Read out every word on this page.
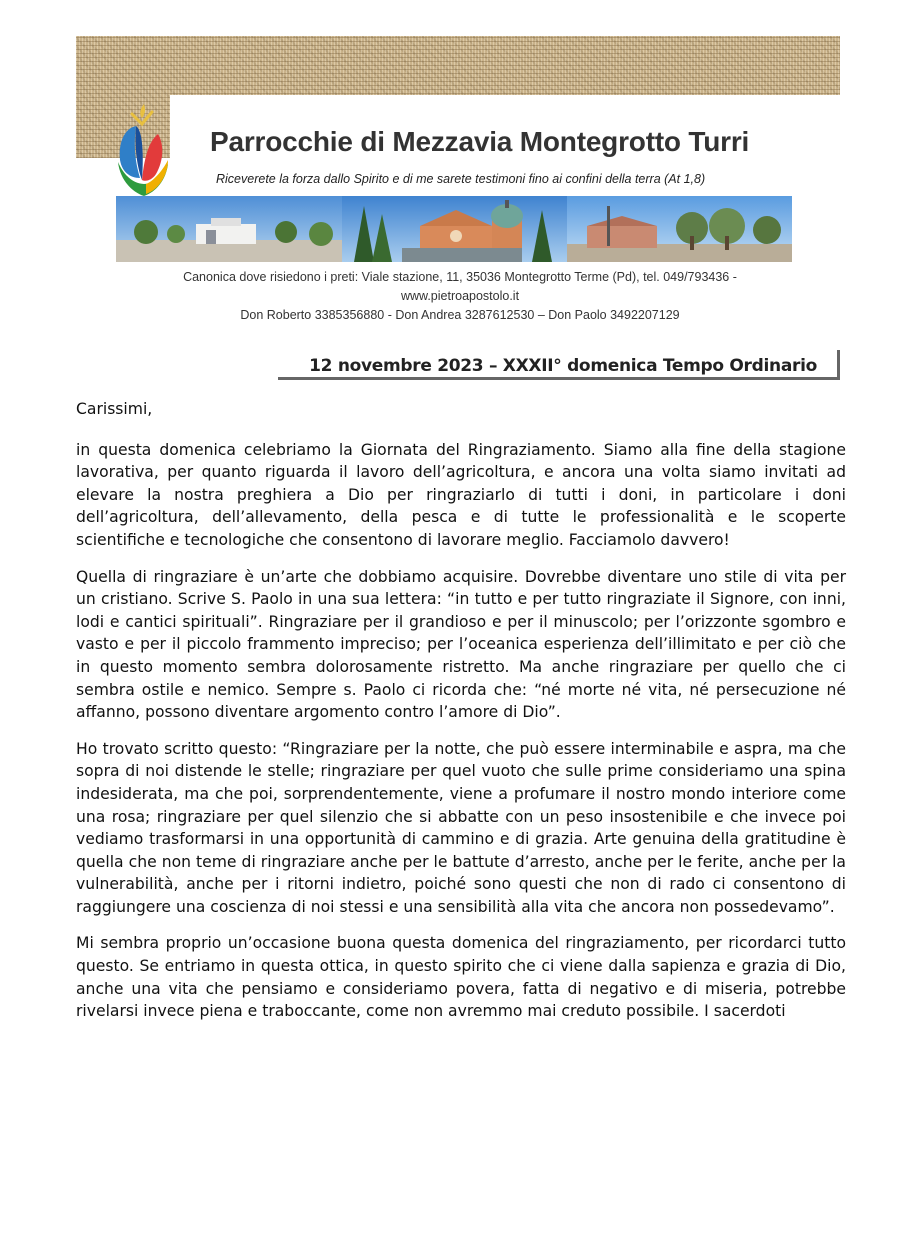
Parrocchie di Mezzavia Montegrotto Turri
Riceverete la forza dallo Spirito e di me sarete testimoni fino ai confini della terra (At 1,8)
Canonica dove risiedono i preti: Viale stazione, 11, 35036 Montegrotto Terme (Pd), tel. 049/793436 -
www.pietroapostolo.it
Don Roberto 3385356880 - Don Andrea 3287612530 – Don Paolo 3492207129
12 novembre 2023 – XXXII° domenica Tempo Ordinario

Carissimi,

in questa domenica celebriamo la Giornata del Ringraziamento. Siamo alla fine della stagione lavorativa, per quanto riguarda il lavoro dell’agricoltura, e ancora una volta siamo invitati ad elevare la nostra preghiera a Dio per ringraziarlo di tutti i doni, in particolare i doni dell’agricoltura, dell’allevamento, della pesca e di tutte le professionalità e le scoperte scientifiche e tecnologiche che consentono di lavorare meglio. Facciamolo davvero!

Quella di ringraziare è un’arte che dobbiamo acquisire. Dovrebbe diventare uno stile di vita per un cristiano. Scrive S. Paolo in una sua lettera: “in tutto e per tutto ringraziate il Signore, con inni, lodi e cantici spirituali”. Ringraziare per il grandioso e per il minuscolo; per l’orizzonte sgombro e vasto e per il piccolo frammento impreciso; per l’oceanica esperienza dell’illimitato e per ciò che in questo momento sembra dolorosamente ristretto. Ma anche ringraziare per quello che ci sembra ostile e nemico. Sempre s. Paolo ci ricorda che: “né morte né vita, né persecuzione né affanno, possono diventare argomento contro l’amore di Dio”.

Ho trovato scritto questo: “Ringraziare per la notte, che può essere interminabile e aspra, ma che sopra di noi distende le stelle; ringraziare per quel vuoto che sulle prime consideriamo una spina indesiderata, ma che poi, sorprendentemente, viene a profumare il nostro mondo interiore come una rosa; ringraziare per quel silenzio che si abbatte con un peso insostenibile e che invece poi vediamo trasformarsi in una opportunità di cammino e di grazia. Arte genuina della gratitudine è quella che non teme di ringraziare anche per le battute d’arresto, anche per le ferite, anche per la vulnerabilità, anche per i ritorni indietro, poiché sono questi che non di rado ci consentono di raggiungere una coscienza di noi stessi e una sensibilità alla vita che ancora non possedevamo”.

Mi sembra proprio un’occasione buona questa domenica del ringraziamento, per ricordarci tutto questo. Se entriamo in questa ottica, in questo spirito che ci viene dalla sapienza e grazia di Dio, anche una vita che pensiamo e consideriamo povera, fatta di negativo e di miseria, potrebbe rivelarsi invece piena e traboccante, come non avremmo mai creduto possibile. I sacerdoti
